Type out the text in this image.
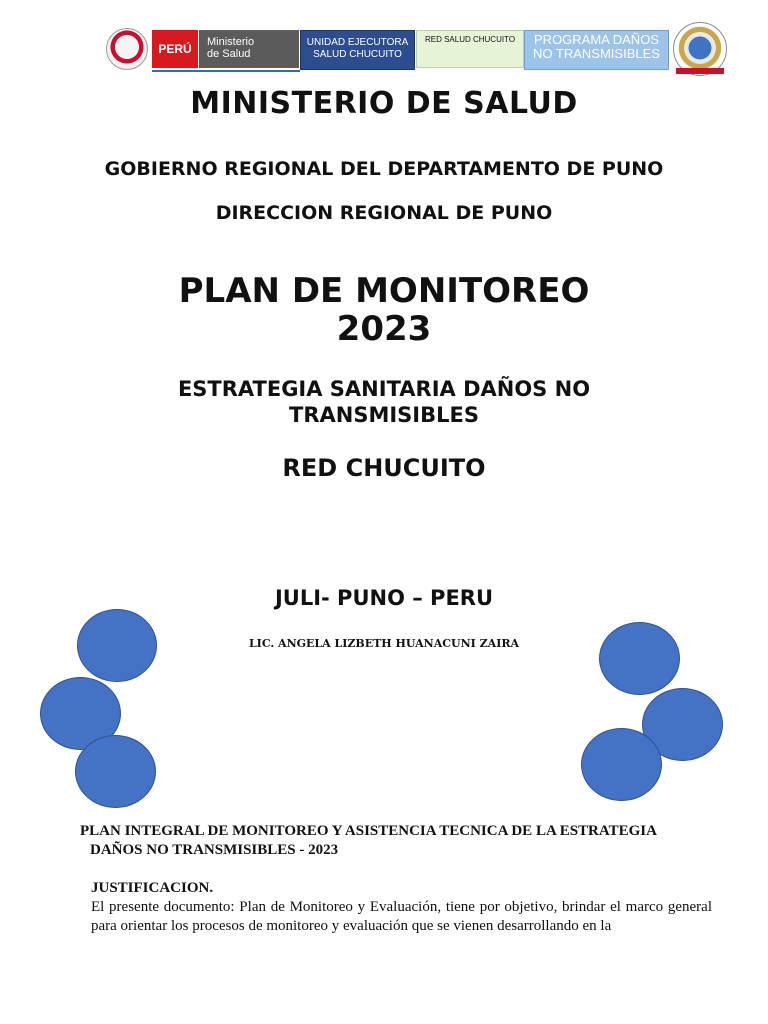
PERÚ Ministerio
de Salud
UNIDAD EJECUTORA SALUD CHUCUITO
RED SALUD CHUCUITO	PROGRAMA DAÑOS NO TRANSMISIBLES
MINISTERIO DE SALUD
GOBIERNO REGIONAL DEL DEPARTAMENTO DE PUNO
DIRECCION REGIONAL DE PUNO
PLAN DE MONITOREO 2023
ESTRATEGIA SANITARIA DAÑOS NO TRANSMISIBLES
RED CHUCUITO
JULI- PUNO – PERU
LIC. ANGELA LIZBETH HUANACUNI ZAIRA
PLAN INTEGRAL DE MONITOREO Y ASISTENCIA TECNICA DE LA ESTRATEGIA
DAÑOS NO TRANSMISIBLES - 2023
JUSTIFICACION.
El presente documento: Plan de Monitoreo y Evaluación, tiene por objetivo, brindar el marco general para orientar los procesos de monitoreo y evaluación que se vienen desarrollando en la
